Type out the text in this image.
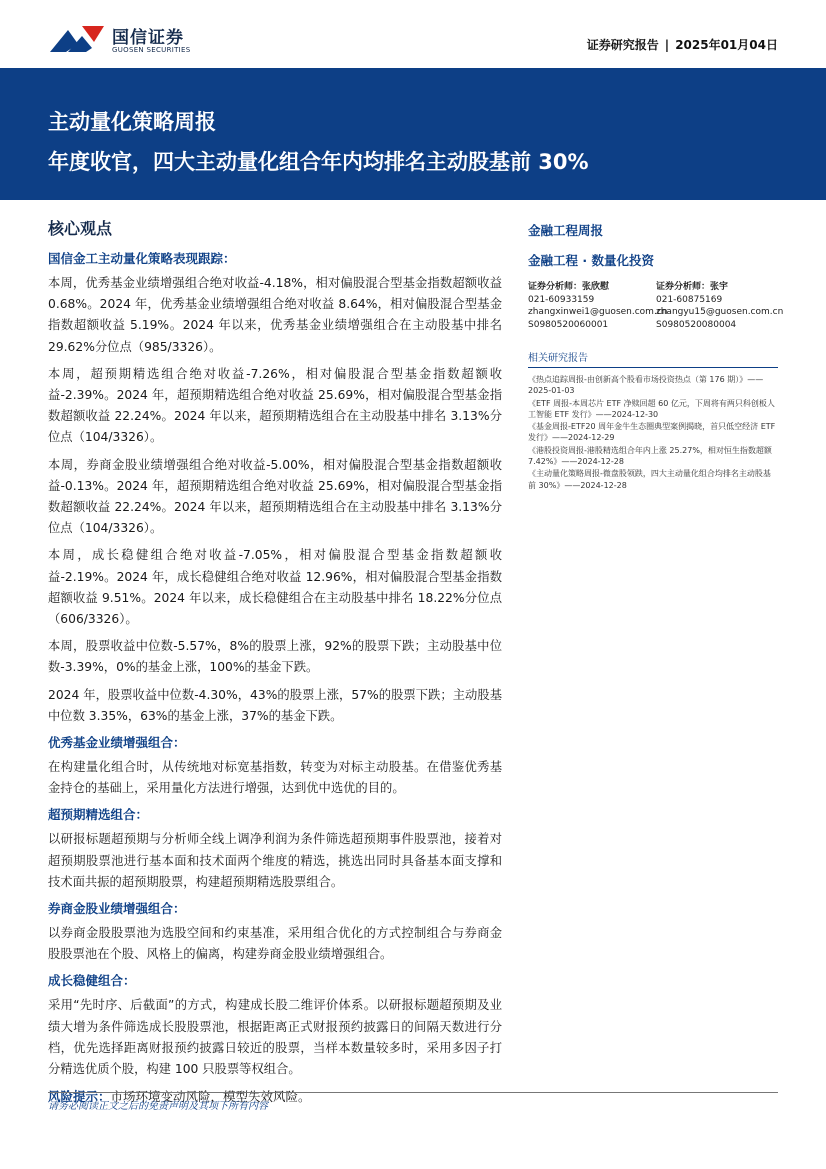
国信证券
GUOSEN SECURITIES	证券研究报告 | 2025年01月04日
主动量化策略周报
年度收官，四大主动量化组合年内均排名主动股基前 30%
核心观点
国信金工主动量化策略表现跟踪：
本周，优秀基金业绩增强组合绝对收益-4.18%，相对偏股混合型基金指数超额收益 0.68%。2024 年，优秀基金业绩增强组合绝对收益 8.64%，相对偏股混合型基金指数超额收益 5.19%。2024 年以来，优秀基金业绩增强组合在主动股基中排名 29.62%分位点（985/3326）。
本周，超预期精选组合绝对收益-7.26%，相对偏股混合型基金指数超额收益-2.39%。2024 年，超预期精选组合绝对收益 25.69%，相对偏股混合型基金指数超额收益 22.24%。2024 年以来，超预期精选组合在主动股基中排名 3.13%分位点（104/3326）。
本周，券商金股业绩增强组合绝对收益-5.00%，相对偏股混合型基金指数超额收益-0.13%。2024 年，超预期精选组合绝对收益 25.69%，相对偏股混合型基金指数超额收益 22.24%。2024 年以来，超预期精选组合在主动股基中排名 3.13%分位点（104/3326）。
本周，成长稳健组合绝对收益-7.05%，相对偏股混合型基金指数超额收益-2.19%。2024 年，成长稳健组合绝对收益 12.96%，相对偏股混合型基金指数超额收益 9.51%。2024 年以来，成长稳健组合在主动股基中排名 18.22%分位点（606/3326）。
本周，股票收益中位数-5.57%，8%的股票上涨，92%的股票下跌；主动股基中位数-3.39%，0%的基金上涨，100%的基金下跌。
2024 年，股票收益中位数-4.30%，43%的股票上涨，57%的股票下跌；主动股基中位数 3.35%，63%的基金上涨，37%的基金下跌。
优秀基金业绩增强组合：
在构建量化组合时，从传统地对标宽基指数，转变为对标主动股基。在借鉴优秀基金持仓的基础上，采用量化方法进行增强，达到优中选优的目的。
超预期精选组合：
以研报标题超预期与分析师全线上调净利润为条件筛选超预期事件股票池，接着对超预期股票池进行基本面和技术面两个维度的精选，挑选出同时具备基本面支撑和技术面共振的超预期股票，构建超预期精选股票组合。
券商金股业绩增强组合：
以券商金股股票池为选股空间和约束基准，采用组合优化的方式控制组合与券商金股股票池在个股、风格上的偏离，构建券商金股业绩增强组合。
成长稳健组合：
采用“先时序、后截面”的方式，构建成长股二维评价体系。以研报标题超预期及业绩大增为条件筛选成长股股票池，根据距离正式财报预约披露日的间隔天数进行分档，优先选择距离财报预约披露日较近的股票，当样本数量较多时，采用多因子打分精选优质个股，构建 100 只股票等权组合。
风险提示：市场环境变动风险，模型失效风险。
金融工程周报
金融工程 · 数量化投资
证券分析师：张欣慰
021-60933159
zhangxinwei1@guosen.com.cn
S0980520060001
证券分析师：张宇
021-60875169
zhangyu15@guosen.com.cn
S0980520080004
相关研究报告
《热点追踪周报-由创新高个股看市场投资热点（第 176 期）》——2025-01-03
《ETF 周报-本周芯片 ETF 净赎回超 60 亿元，下周将有两只科创板人工智能 ETF 发行》——2024-12-30
《基金周报-ETF20 周年金牛生态圈典型案例揭晓，首只低空经济 ETF 发行》——2024-12-29
《港股投资周报-港股精选组合年内上涨 25.27%，相对恒生指数超额 7.42%》——2024-12-28
《主动量化策略周报-微盘股领跌，四大主动量化组合均排名主动股基前 30%》——2024-12-28
请务必阅读正文之后的免责声明及其项下所有内容
